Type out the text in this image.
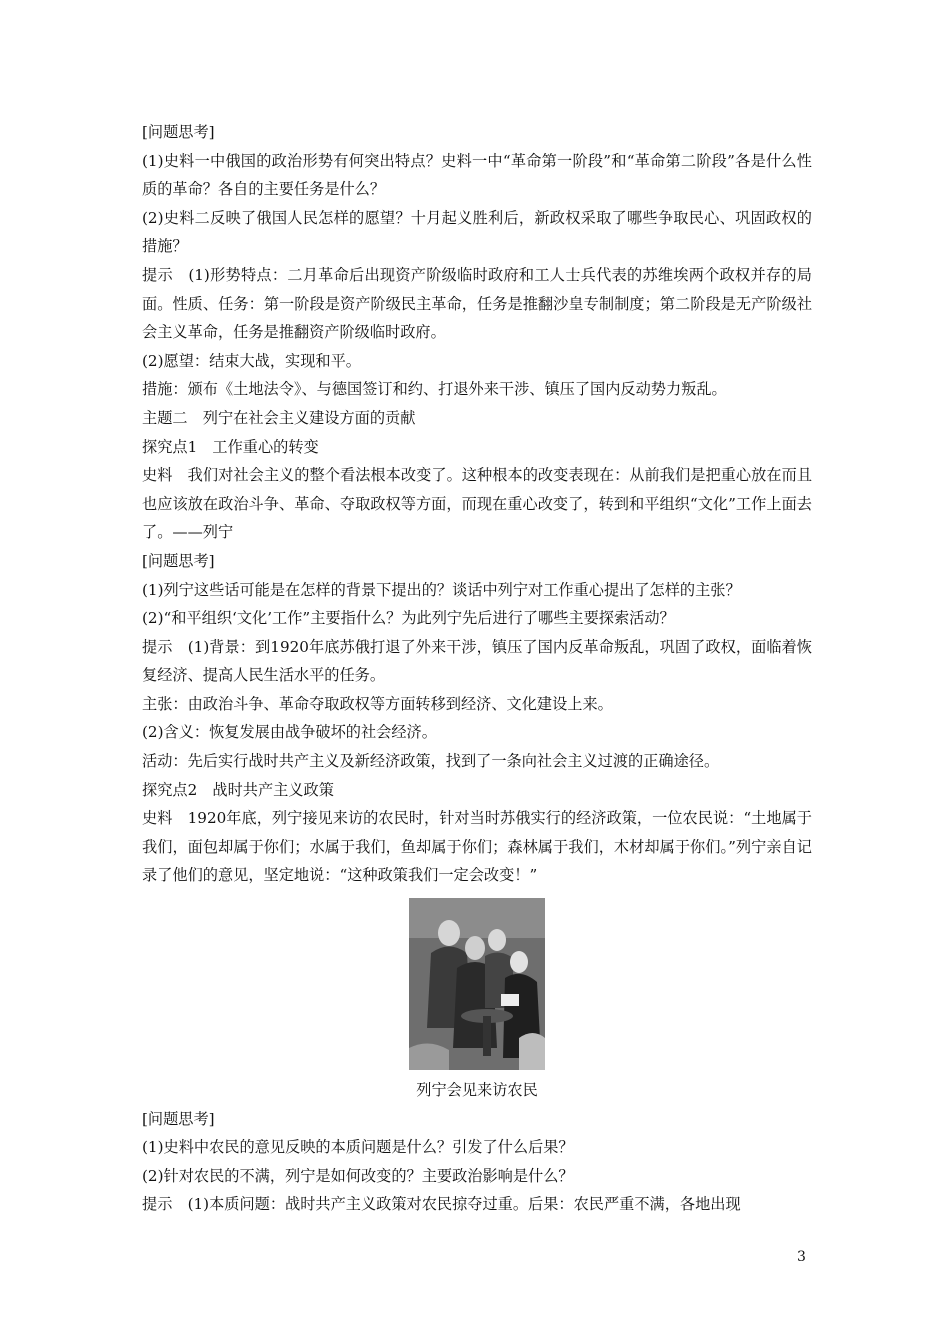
[问题思考]

(1)史料一中俄国的政治形势有何突出特点？史料一中“革命第一阶段”和“革命第二阶段”各是什么性质的革命？各自的主要任务是什么？

(2)史料二反映了俄国人民怎样的愿望？十月起义胜利后，新政权采取了哪些争取民心、巩固政权的措施？

提示　(1)形势特点：二月革命后出现资产阶级临时政府和工人士兵代表的苏维埃两个政权并存的局面。性质、任务：第一阶段是资产阶级民主革命，任务是推翻沙皇专制制度；第二阶段是无产阶级社会主义革命，任务是推翻资产阶级临时政府。

(2)愿望：结束大战，实现和平。

措施：颁布《土地法令》、与德国签订和约、打退外来干涉、镇压了国内反动势力叛乱。

主题二　列宁在社会主义建设方面的贡献

探究点1　工作重心的转变

史料　我们对社会主义的整个看法根本改变了。这种根本的改变表现在：从前我们是把重心放在而且也应该放在政治斗争、革命、夺取政权等方面，而现在重心改变了，转到和平组织“文化”工作上面去了。——列宁

[问题思考]

(1)列宁这些话可能是在怎样的背景下提出的？谈话中列宁对工作重心提出了怎样的主张？

(2)“和平组织‘文化’工作”主要指什么？为此列宁先后进行了哪些主要探索活动？

提示　(1)背景：到1920年底苏俄打退了外来干涉，镇压了国内反革命叛乱，巩固了政权，面临着恢复经济、提高人民生活水平的任务。

主张：由政治斗争、革命夺取政权等方面转移到经济、文化建设上来。

(2)含义：恢复发展由战争破坏的社会经济。

活动：先后实行战时共产主义及新经济政策，找到了一条向社会主义过渡的正确途径。

探究点2　战时共产主义政策

史料　1920年底，列宁接见来访的农民时，针对当时苏俄实行的经济政策，一位农民说：“土地属于我们，面包却属于你们；水属于我们，鱼却属于你们；森林属于我们，木材却属于你们。”列宁亲自记录了他们的意见，坚定地说：“这种政策我们一定会改变！”

列宁会见来访农民

[问题思考]

(1)史料中农民的意见反映的本质问题是什么？引发了什么后果？

(2)针对农民的不满，列宁是如何改变的？主要政治影响是什么？

提示　(1)本质问题：战时共产主义政策对农民掠夺过重。后果：农民严重不满，各地出现

3
